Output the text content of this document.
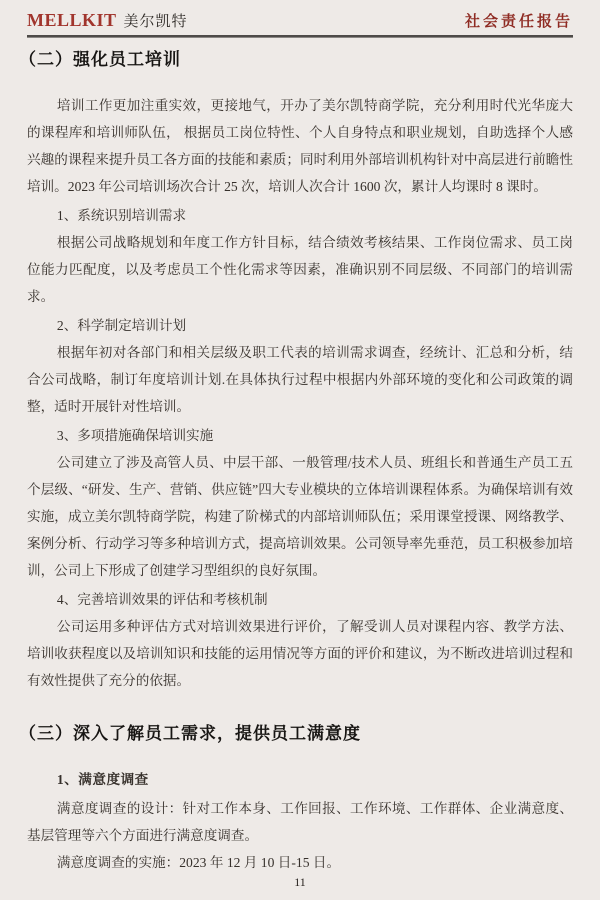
MELLKIT 美尔凯特	社会责任报告
（二）强化员工培训
培训工作更加注重实效，更接地气，开办了美尔凯特商学院，充分利用时代光华庞大的课程库和培训师队伍， 根据员工岗位特性、个人自身特点和职业规划，自助选择个人感兴趣的课程来提升员工各方面的技能和素质；同时利用外部培训机构针对中高层进行前瞻性培训。2023 年公司培训场次合计 25 次，培训人次合计 1600 次，累计人均课时 8 课时。
1、系统识别培训需求
根据公司战略规划和年度工作方针目标，结合绩效考核结果、工作岗位需求、员工岗位能力匹配度，以及考虑员工个性化需求等因素，准确识别不同层级、不同部门的培训需求。
2、科学制定培训计划
根据年初对各部门和相关层级及职工代表的培训需求调查，经统计、汇总和分析，结合公司战略，制订年度培训计划.在具体执行过程中根据内外部环境的变化和公司政策的调整，适时开展针对性培训。
3、多项措施确保培训实施
公司建立了涉及高管人员、中层干部、一般管理/技术人员、班组长和普通生产员工五个层级、“研发、生产、营销、供应链”四大专业模块的立体培训课程体系。为确保培训有效实施，成立美尔凯特商学院，构建了阶梯式的内部培训师队伍；采用课堂授课、网络教学、案例分析、行动学习等多种培训方式，提高培训效果。公司领导率先垂范，员工积极参加培训，公司上下形成了创建学习型组织的良好氛围。
4、完善培训效果的评估和考核机制
公司运用多种评估方式对培训效果进行评价，了解受训人员对课程内容、教学方法、培训收获程度以及培训知识和技能的运用情况等方面的评价和建议，为不断改进培训过程和有效性提供了充分的依据。
（三）深入了解员工需求，提供员工满意度
1、满意度调查
满意度调查的设计：针对工作本身、工作回报、工作环境、工作群体、企业满意度、基层管理等六个方面进行满意度调查。
满意度调查的实施：2023 年 12 月 10 日-15 日。
11
